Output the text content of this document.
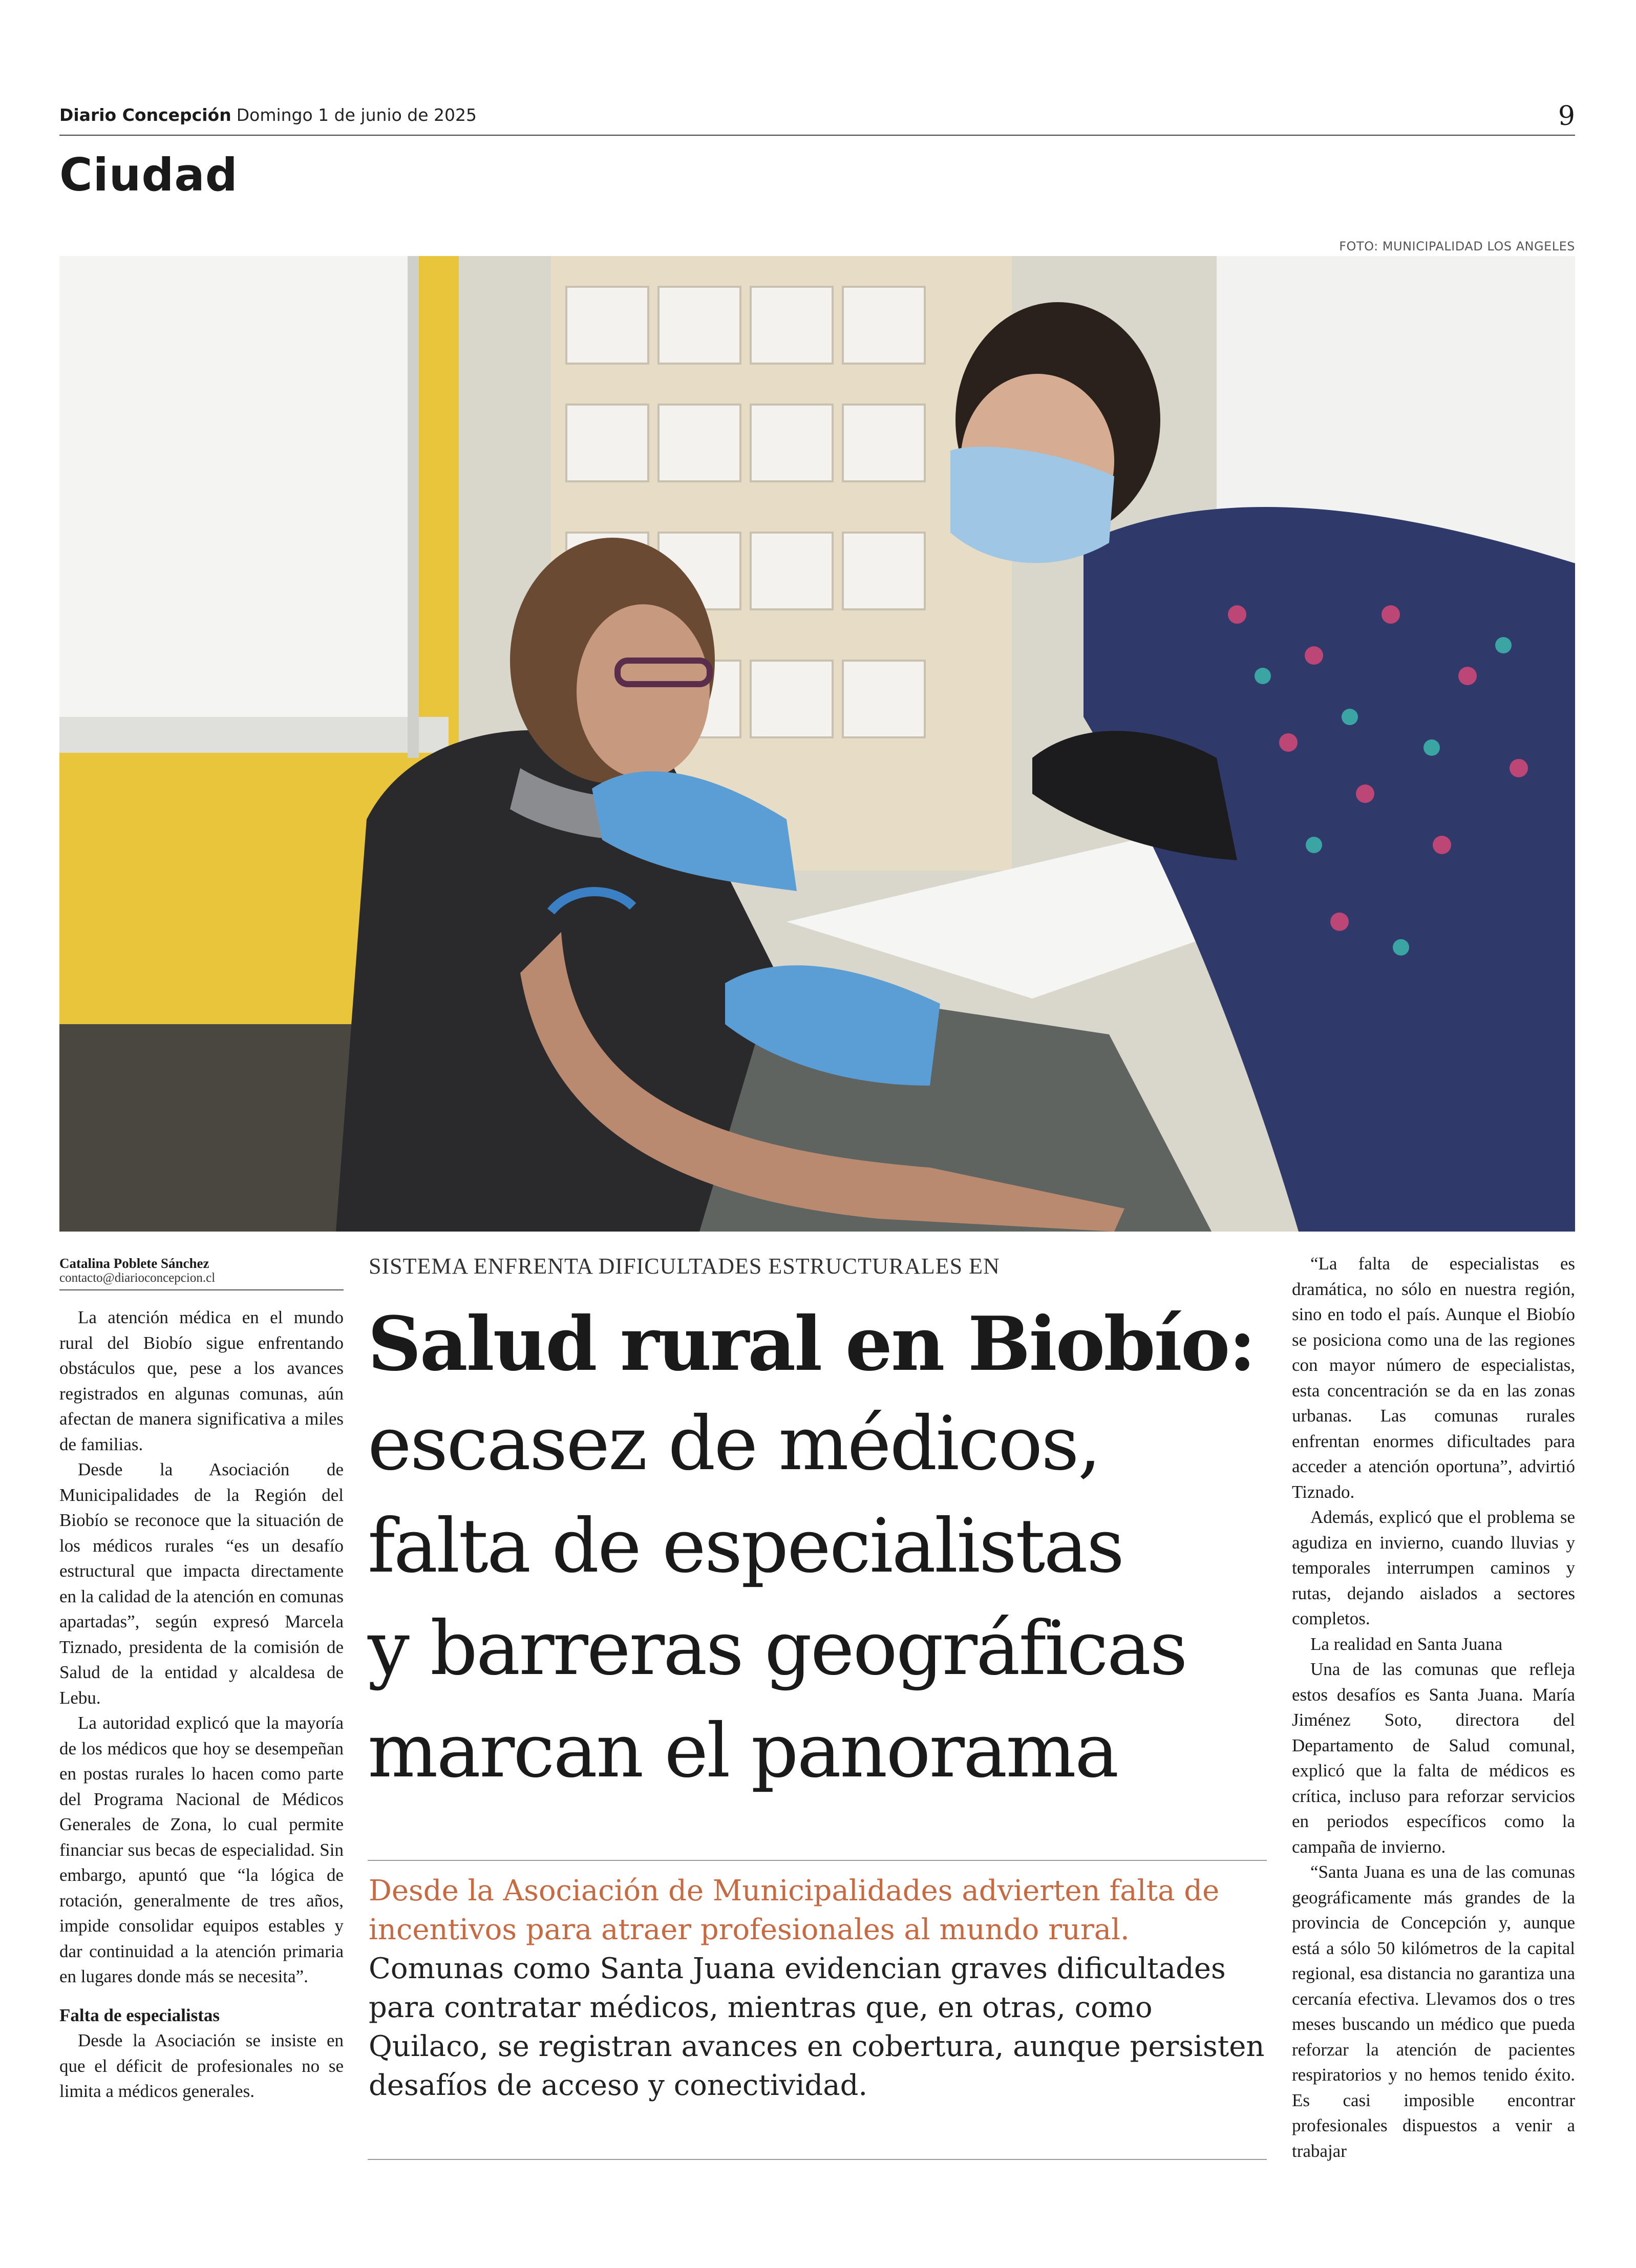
Diario Concepción Domingo 1 de junio de 2025	9
Ciudad
FOTO: MUNICIPALIDAD LOS ANGELES
Catalina Poblete Sánchez
contacto@diarioconcepcion.cl

La atención médica en el mundo rural del Biobío sigue enfrentando obstáculos que, pese a los avances registrados en algunas comunas, aún afectan de manera significativa a miles de familias.

Desde la Asociación de Municipalidades de la Región del Biobío se reconoce que la situación de los médicos rurales “es un desafío estructural que impacta directamente en la calidad de la atención en comunas apartadas”, según expresó Marcela Tiznado, presidenta de la comisión de Salud de la entidad y alcaldesa de Lebu.

La autoridad explicó que la mayoría de los médicos que hoy se desempeñan en postas rurales lo hacen como parte del Programa Nacional de Médicos Generales de Zona, lo cual permite financiar sus becas de especialidad. Sin embargo, apuntó que “la lógica de rotación, generalmente de tres años, impide consolidar equipos estables y dar continuidad a la atención primaria en lugares donde más se necesita”.

Falta de especialistas

Desde la Asociación se insiste en que el déficit de profesionales no se limita a médicos generales.

SISTEMA ENFRENTA DIFICULTADES ESTRUCTURALES EN
Salud rural en Biobío:
escasez de médicos,
falta de especialistas
y barreras geográficas
marcan el panorama
Desde la Asociación de Municipalidades advierten falta de incentivos para atraer profesionales al mundo rural.
Comunas como Santa Juana evidencian graves dificultades para contratar médicos, mientras que, en otras, como Quilaco, se registran avances en cobertura, aunque persisten desafíos de acceso y conectividad.

“La falta de especialistas es dramática, no sólo en nuestra región, sino en todo el país. Aunque el Biobío se posiciona como una de las regiones con mayor número de especialistas, esta concentración se da en las zonas urbanas. Las comunas rurales enfrentan enormes dificultades para acceder a atención oportuna”, advirtió Tiznado.

Además, explicó que el problema se agudiza en invierno, cuando lluvias y temporales interrumpen caminos y rutas, dejando aislados a sectores completos.

La realidad en Santa Juana

Una de las comunas que refleja estos desafíos es Santa Juana. María Jiménez Soto, directora del Departamento de Salud comunal, explicó que la falta de médicos es crítica, incluso para reforzar servicios en periodos específicos como la campaña de invierno.

“Santa Juana es una de las comunas geográficamente más grandes de la provincia de Concepción y, aunque está a sólo 50 kilómetros de la capital regional, esa distancia no garantiza una cercanía efectiva. Llevamos dos o tres meses buscando un médico que pueda reforzar la atención de pacientes respiratorios y no hemos tenido éxito. Es casi imposible encontrar profesionales dispuestos a venir a trabajar
